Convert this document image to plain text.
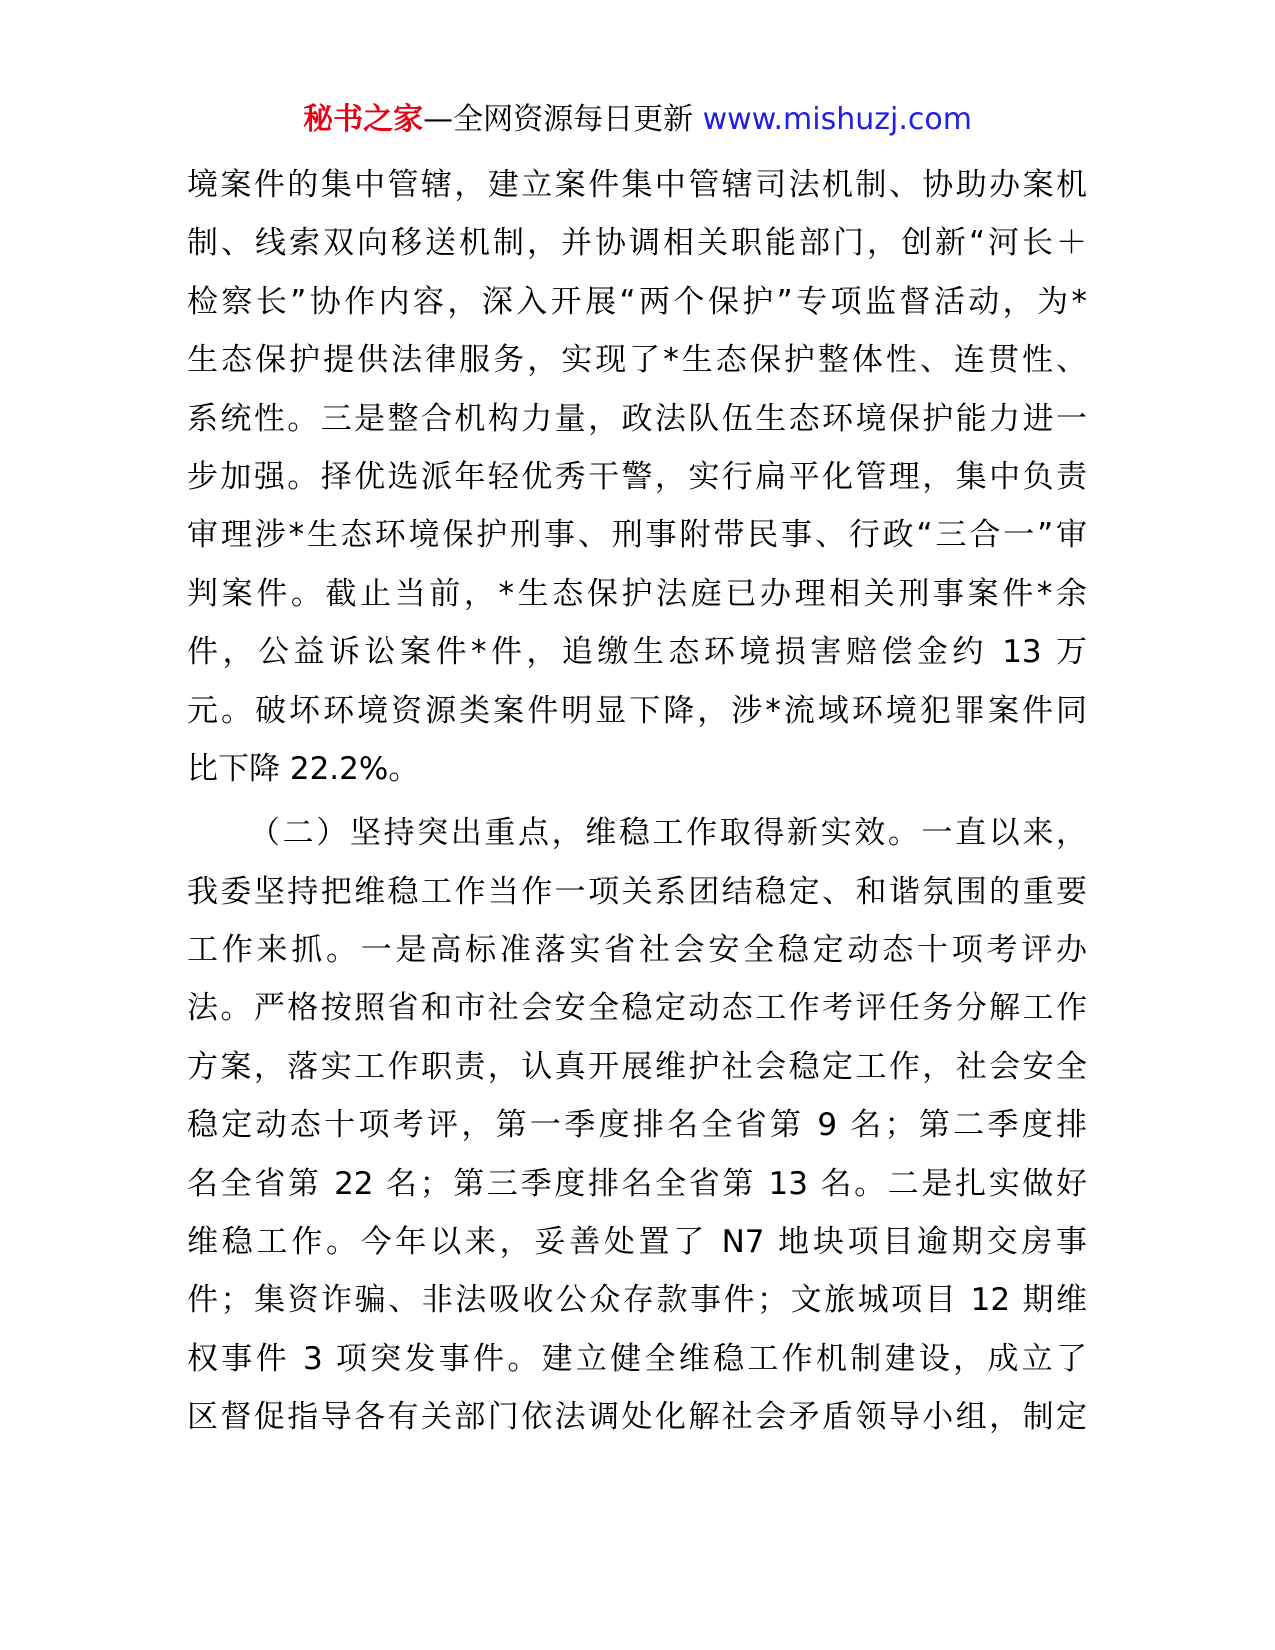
秘书之家—全网资源每日更新 www.mishuzj.com
境案件的集中管辖，建立案件集中管辖司法机制、协助办案机
制、线索双向移送机制，并协调相关职能部门，创新“河长＋
检察长”协作内容，深入开展“两个保护”专项监督活动，为*
生态保护提供法律服务，实现了*生态保护整体性、连贯性、
系统性。三是整合机构力量，政法队伍生态环境保护能力进一
步加强。择优选派年轻优秀干警，实行扁平化管理，集中负责
审理涉*生态环境保护刑事、刑事附带民事、行政“三合一”审
判案件。截止当前，*生态保护法庭已办理相关刑事案件*余
件，公益诉讼案件*件，追缴生态环境损害赔偿金约 13 万
元。破坏环境资源类案件明显下降，涉*流域环境犯罪案件同
比下降 22.2%。
（二）坚持突出重点，维稳工作取得新实效。一直以来，
我委坚持把维稳工作当作一项关系团结稳定、和谐氛围的重要
工作来抓。一是高标准落实省社会安全稳定动态十项考评办
法。严格按照省和市社会安全稳定动态工作考评任务分解工作
方案，落实工作职责，认真开展维护社会稳定工作，社会安全
稳定动态十项考评，第一季度排名全省第 9 名；第二季度排
名全省第 22 名；第三季度排名全省第 13 名。二是扎实做好
维稳工作。今年以来，妥善处置了 N7 地块项目逾期交房事
件；集资诈骗、非法吸收公众存款事件；文旅城项目 12 期维
权事件 3 项突发事件。建立健全维稳工作机制建设，成立了
区督促指导各有关部门依法调处化解社会矛盾领导小组，制定
